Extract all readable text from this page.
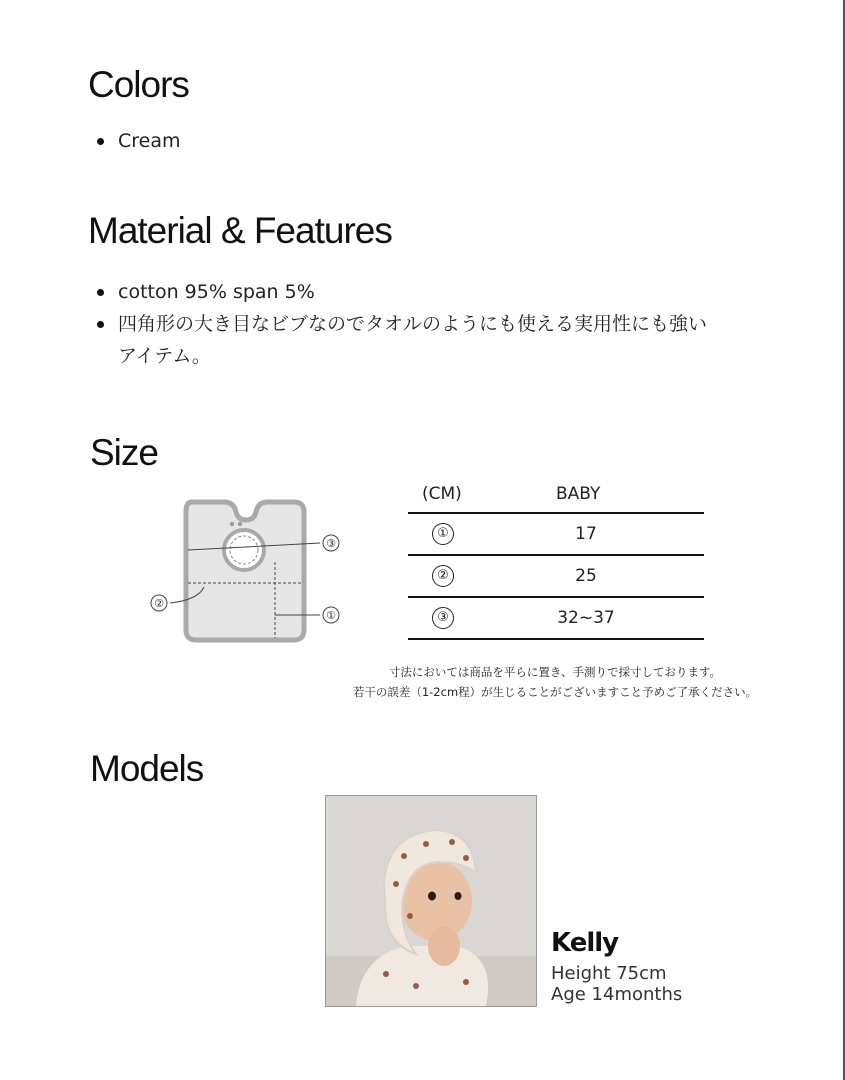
Colors
Cream
Material & Features
cotton 95% span 5%
四角形の大き目なビブなのでタオルのようにも使える実用性にも強い
アイテム。
Size
③
②
①
(CM)	BABY
①	17
②	25
③	32~37
寸法においては商品を平らに置き、手測りで採寸しております。
若干の誤差（1-2cm程）が生じることがございますこと予めご了承ください。
Models
Kelly
Height 75cm
Age 14months
